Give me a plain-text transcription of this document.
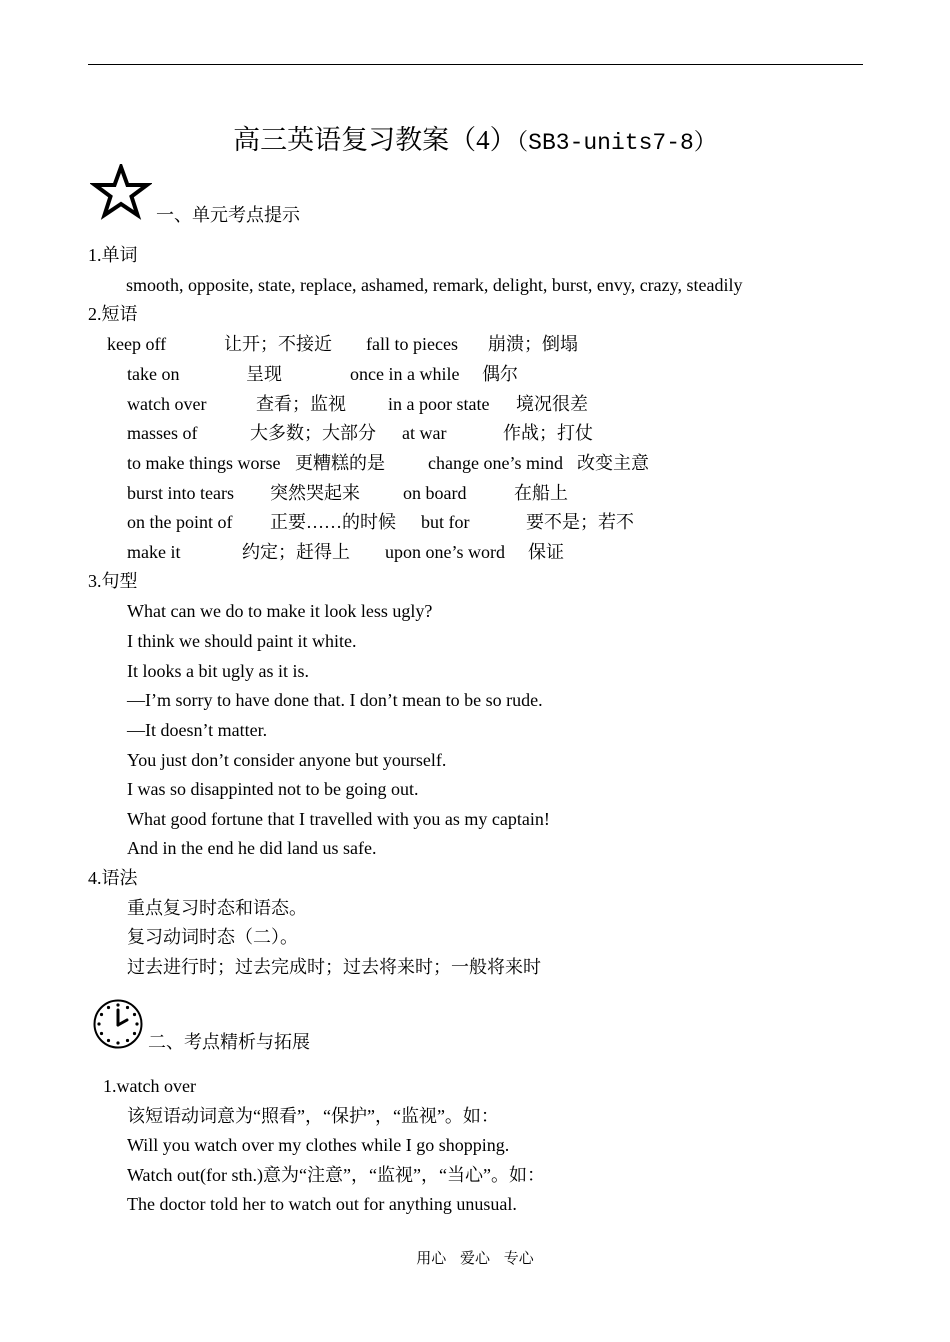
高三英语复习教案（4）（SB3-units7-8）
一、单元考点提示
1.单词
smooth, opposite, state, replace, ashamed, remark, delight, burst, envy, crazy, steadily
2.短语
keep off	让开；不接近 fall to pieces 崩溃；倒塌
take on	呈现	once in a while 偶尔
watch over	查看；监视 in a poor state 境况很差
masses of	大多数；大部分 at war	作战；打仗
to make things worse 更糟糕的是 change one’s mind 改变主意
burst into tears 突然哭起来 on board	在船上
on the point of 正要……的时候 but for	要不是；若不
make it	约定；赶得上 upon one’s word 保证
3.句型
What can we do to make it look less ugly?
I think we should paint it white.
It looks a bit ugly as it is.
—I’m sorry to have done that. I don’t mean to be so rude.
—It doesn’t matter.
You just don’t consider anyone but yourself.
I was so disappinted not to be going out.
What good fortune that I travelled with you as my captain!
And in the end he did land us safe.
4.语法
重点复习时态和语态。
复习动词时态（二）。
过去进行时；过去完成时；过去将来时；一般将来时
二、考点精析与拓展
1.watch over
该短语动词意为“照看”，“保护”，“监视”。如：
Will you watch over my clothes while I go shopping.
Watch out(for sth.)意为“注意”，“监视”，“当心”。如：
The doctor told her to watch out for anything unusual.
用心 爱心 专心
